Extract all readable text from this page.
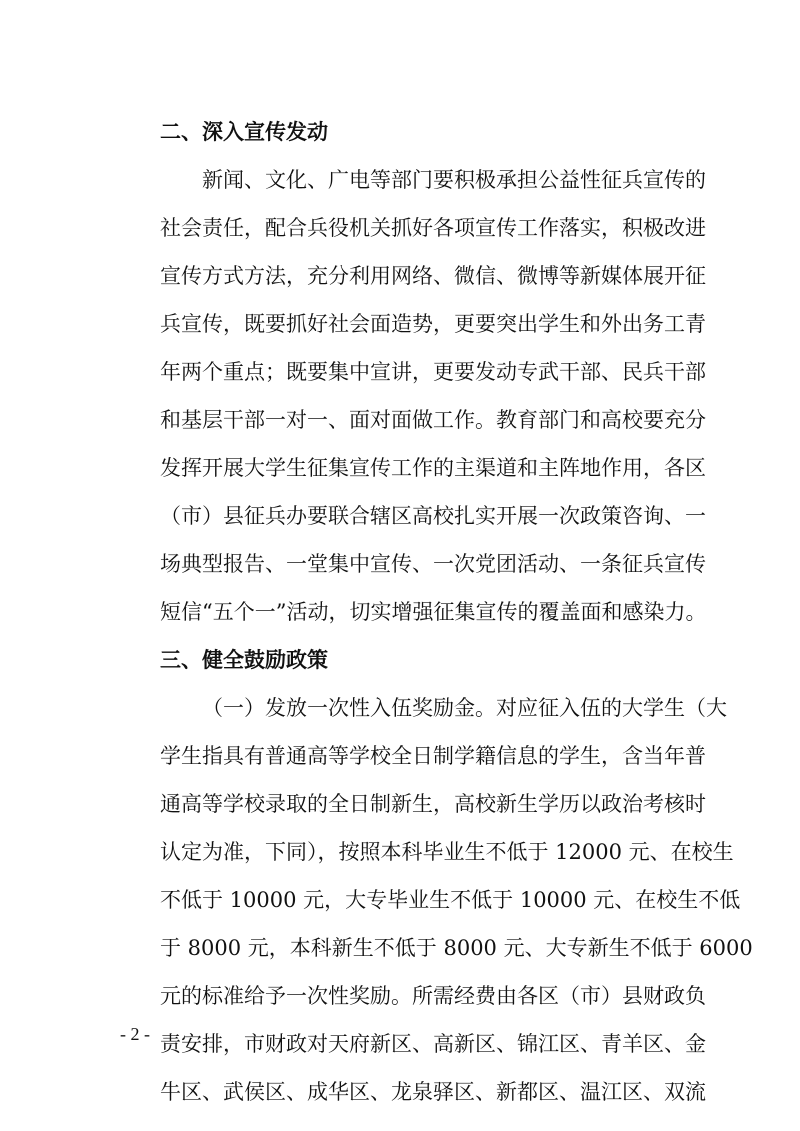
二、深入宣传发动
新闻、文化、广电等部门要积极承担公益性征兵宣传的
社会责任，配合兵役机关抓好各项宣传工作落实，积极改进
宣传方式方法，充分利用网络、微信、微博等新媒体展开征
兵宣传，既要抓好社会面造势，更要突出学生和外出务工青
年两个重点；既要集中宣讲，更要发动专武干部、民兵干部
和基层干部一对一、面对面做工作。教育部门和高校要充分
发挥开展大学生征集宣传工作的主渠道和主阵地作用，各区
（市）县征兵办要联合辖区高校扎实开展一次政策咨询、一
场典型报告、一堂集中宣传、一次党团活动、一条征兵宣传
短信“五个一”活动，切实增强征集宣传的覆盖面和感染力。
三、健全鼓励政策
（一）发放一次性入伍奖励金。对应征入伍的大学生（大
学生指具有普通高等学校全日制学籍信息的学生，含当年普
通高等学校录取的全日制新生，高校新生学历以政治考核时
认定为准，下同），按照本科毕业生不低于 12000 元、在校生
不低于 10000 元，大专毕业生不低于 10000 元、在校生不低
于 8000 元，本科新生不低于 8000 元、大专新生不低于 6000
元的标准给予一次性奖励。所需经费由各区（市）县财政负
责安排，市财政对天府新区、高新区、锦江区、青羊区、金
牛区、武侯区、成华区、龙泉驿区、新都区、温江区、双流
- 2 -
